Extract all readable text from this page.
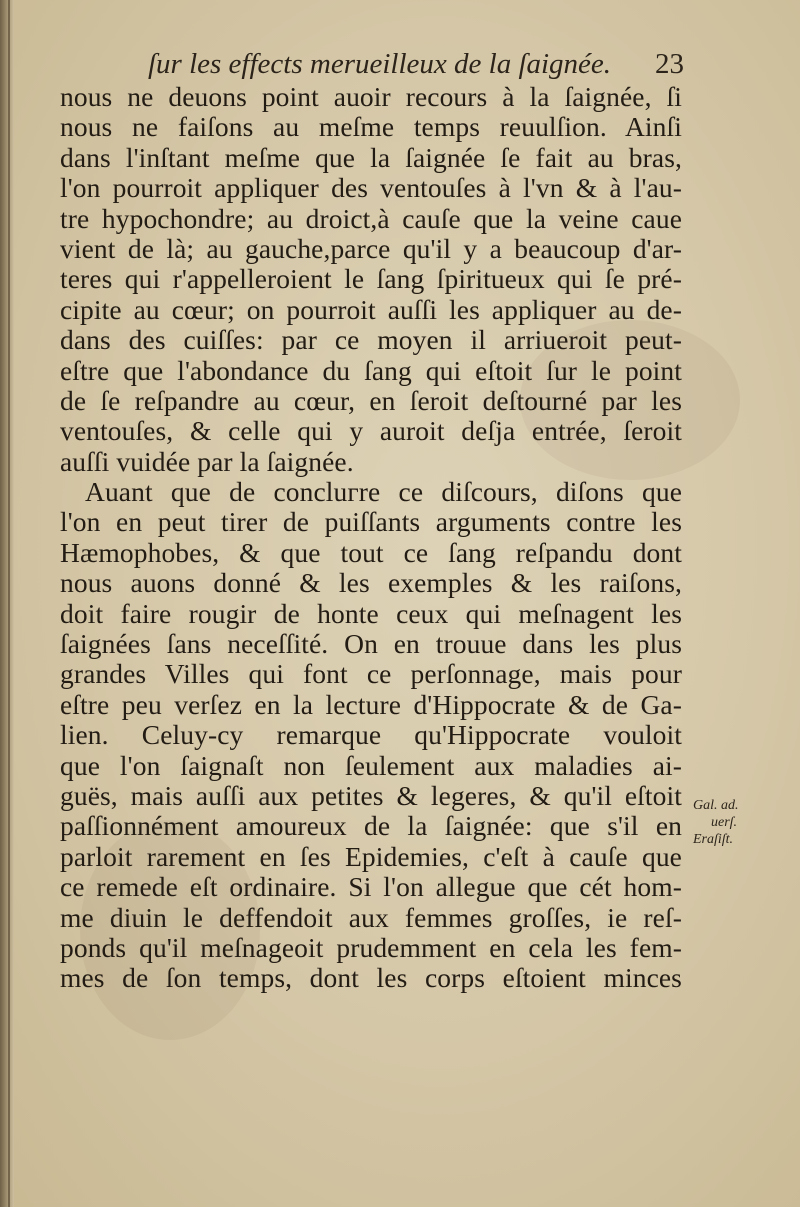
ſur les effects merueilleux de la ſaignée. 23
nous ne deuons point auoir recours à la ſaignée, ſi
nous ne faiſons au meſme temps reuulſion. Ainſi
dans l'inſtant meſme que la ſaignée ſe fait au bras,
l'on pourroit appliquer des ventouſes à l'vn & à l'au-
tre hypochondre; au droict,à cauſe que la veine caue
vient de là; au gauche,parce qu'il y a beaucoup d'ar-
teres qui r'appelleroient le ſang ſpiritueux qui ſe pré-
cipite au cœur; on pourroit auſſi les appliquer au de-
dans des cuiſſes: par ce moyen il arriueroit peut-
eſtre que l'abondance du ſang qui eſtoit ſur le point
de ſe reſpandre au cœur, en ſeroit deſtourné par les
ventouſes, & celle qui y auroit deſja entrée, ſeroit
auſſi vuidée par la ſaignée.
Auant que de concluгre ce diſcours, diſons que
l'on en peut tirer de puiſſants arguments contre les
Hæmophobes, & que tout ce ſang reſpandu dont
nous auons donné & les exemples & les raiſons,
doit faire rougir de honte ceux qui meſnagent les
ſaignées ſans neceſſité. On en trouue dans les plus
grandes Villes qui font ce perſonnage, mais pour
eſtre peu verſez en la lecture d'Hippocrate & de Ga-
lien. Celuy-cy remarque qu'Hippocrate vouloit
que l'on ſaignaſt non ſeulement aux maladies ai-
guës, mais auſſi aux petites & legeres, & qu'il eſtoit
paſſionnément amoureux de la ſaignée: que s'il en
parloit rarement en ſes Epidemies, c'eſt à cauſe que
ce remede eſt ordinaire. Si l'on allegue que cét hom-
me diuin le deffendoit aux femmes groſſes, ie reſ-
ponds qu'il meſnageoit prudemment en cela les fem-
mes de ſon temps, dont les corps eſtoient minces
Gal. ad.
uerſ.
Eraſiſt.
